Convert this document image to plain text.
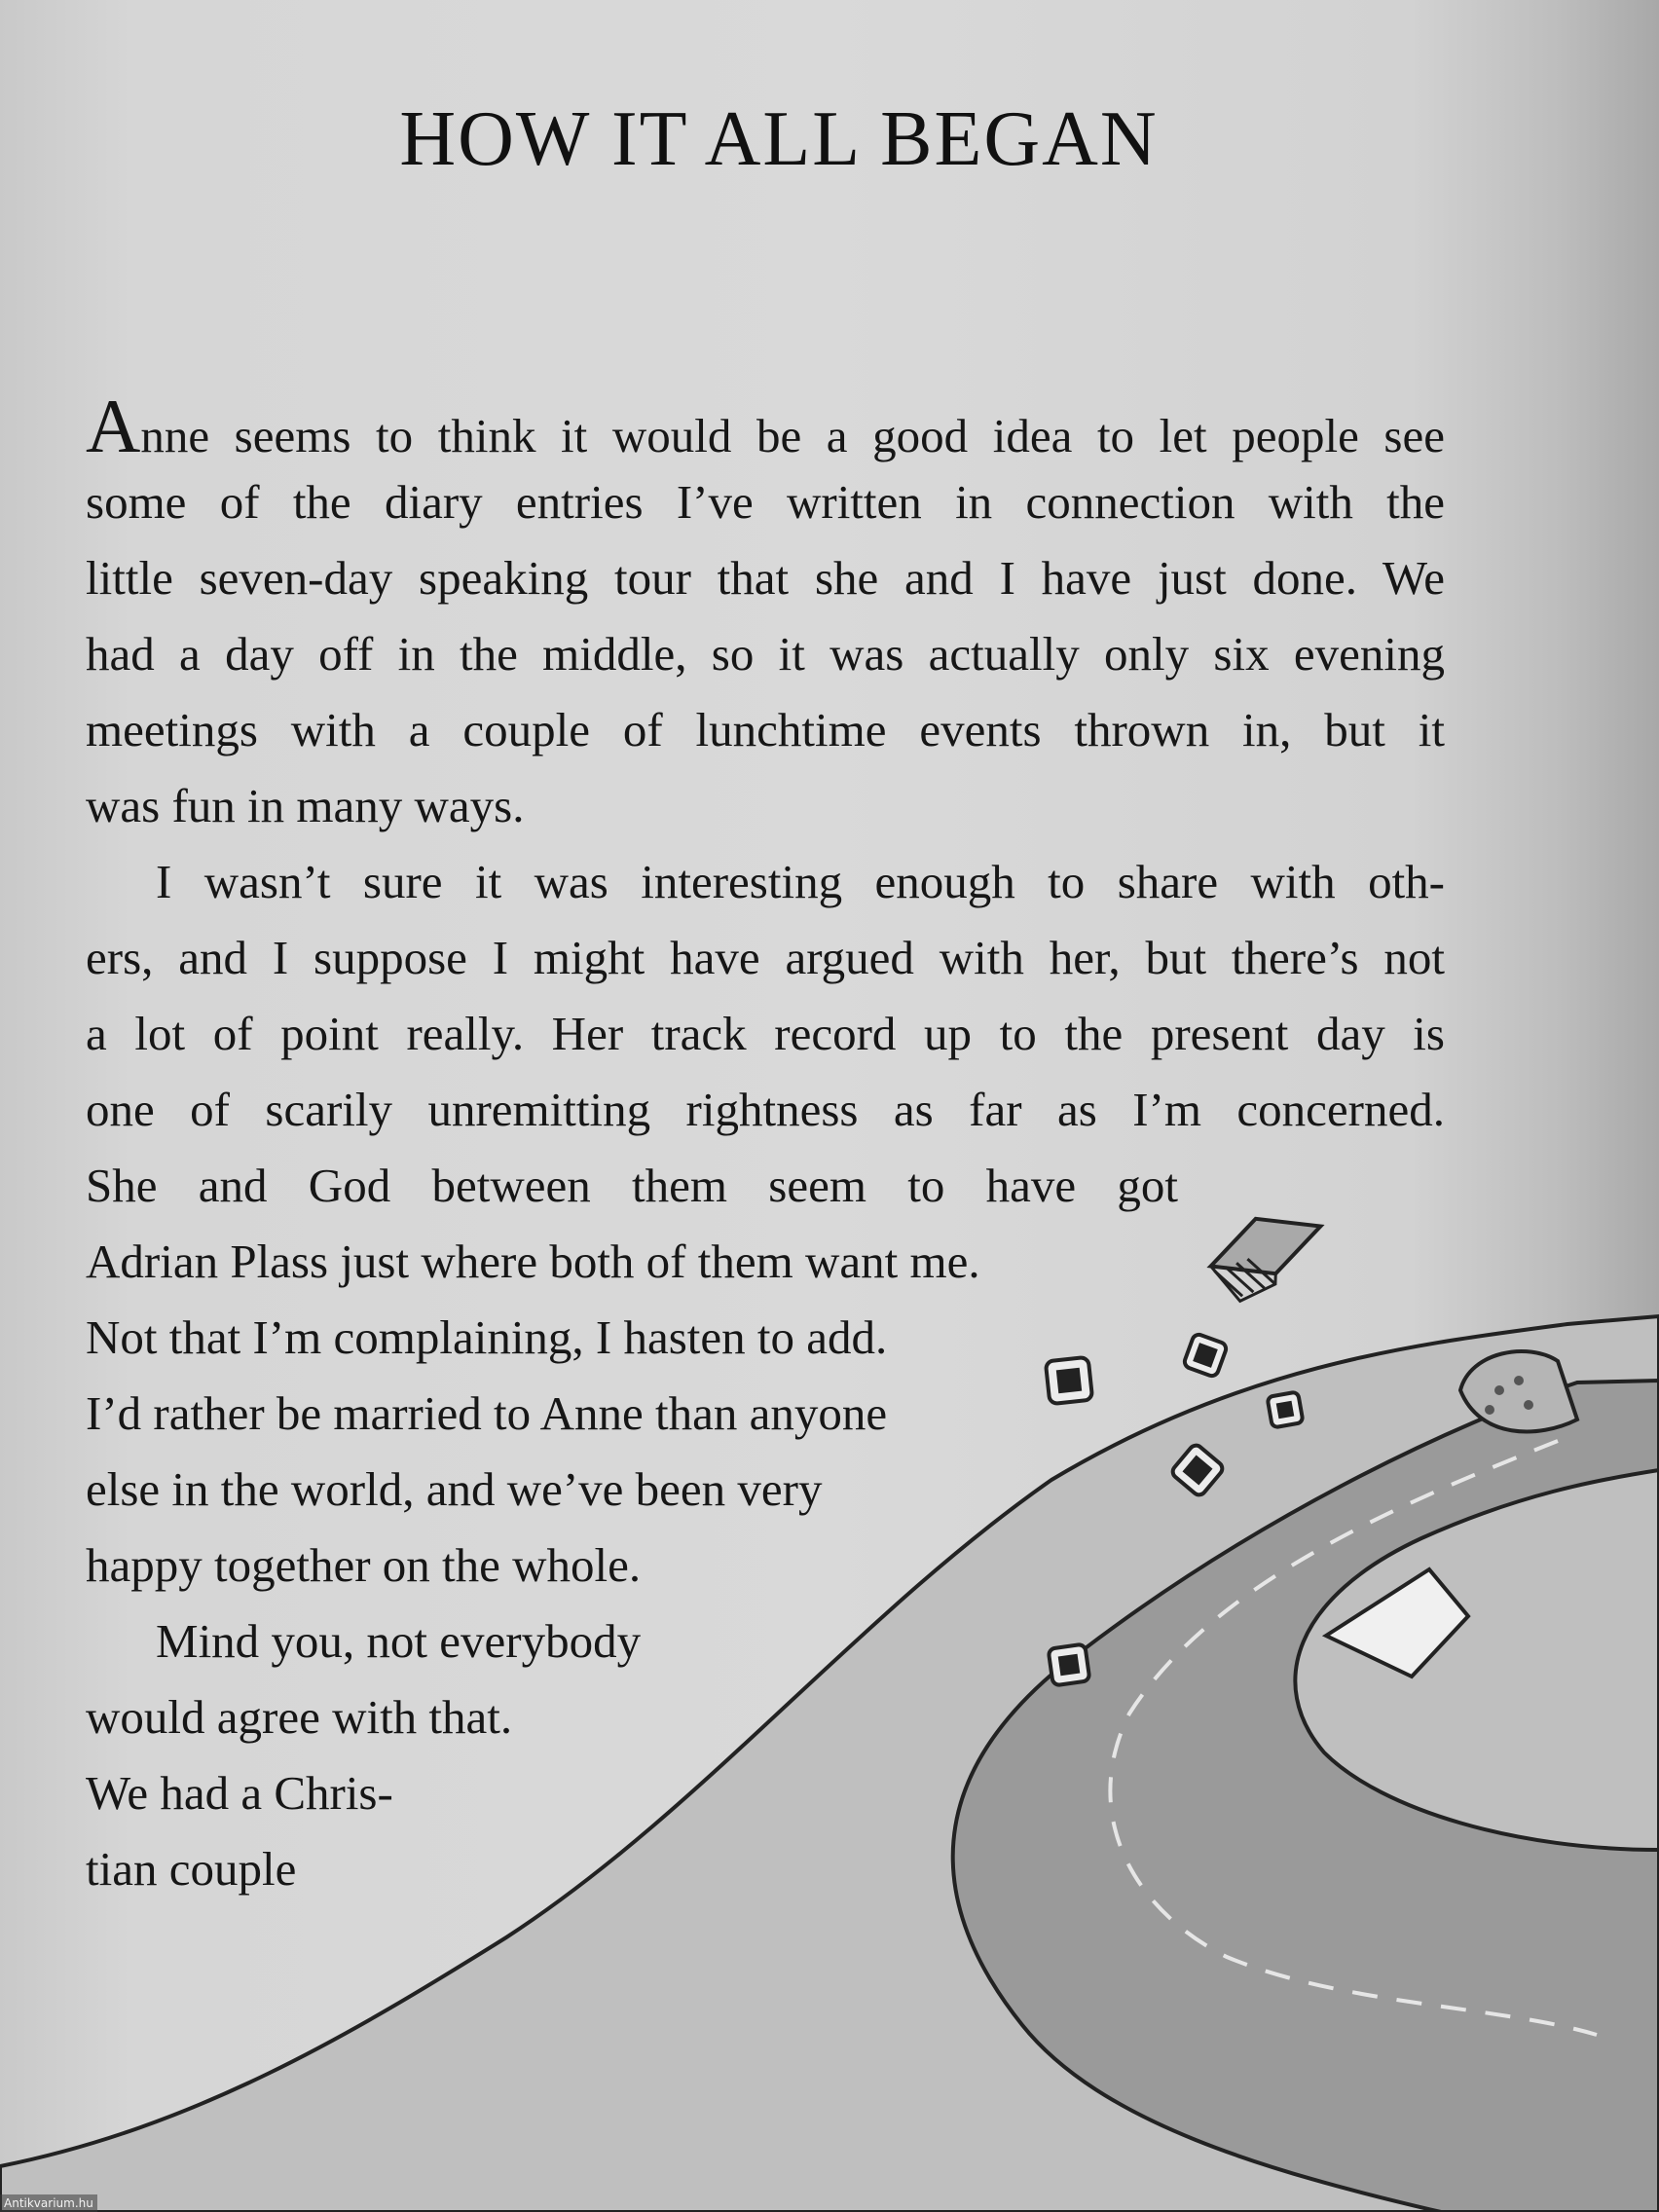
HOW IT ALL BEGAN
Anne seems to think it would be a good idea to let people see
some of the diary entries I’ve written in connection with the
little seven-day speaking tour that she and I have just done. We
had a day off in the middle, so it was actually only six evening
meetings with a couple of lunchtime events thrown in, but it
was fun in many ways.
I wasn’t sure it was interesting enough to share with oth-
ers, and I suppose I might have argued with her, but there’s not
a lot of point really. Her track record up to the present day is
one of scarily unremitting rightness as far as I’m concerned.
She and God between them seem to have got
Adrian Plass just where both of them want me.
Not that I’m complaining, I hasten to add.
I’d rather be married to Anne than anyone
else in the world, and we’ve been very
happy together on the whole.
Mind you, not everybody
would agree with that.
We had a Chris-
tian couple
Antikvarium.hu
